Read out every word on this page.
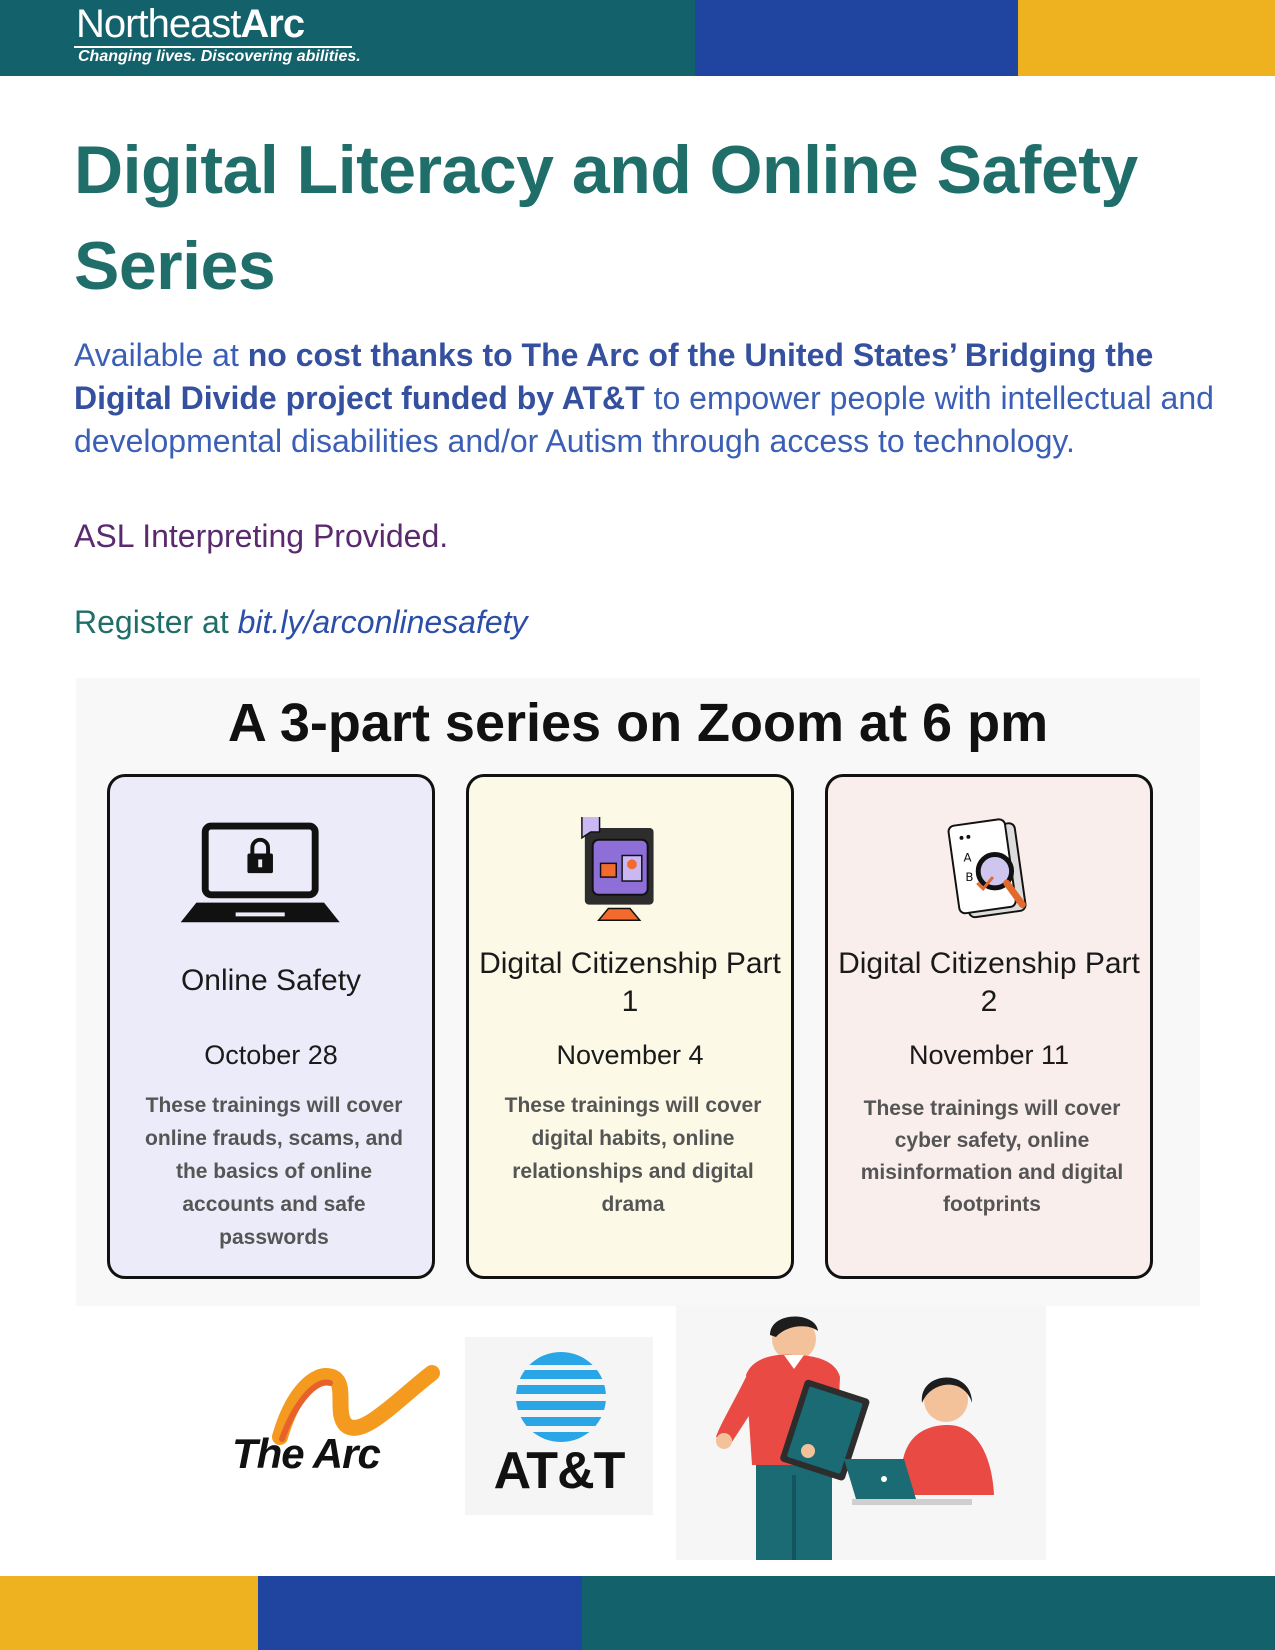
NortheastArc
Changing lives. Discovering abilities.
Digital Literacy and Online Safety Series

Available at no cost thanks to The Arc of the United States’ Bridging the Digital Divide project funded by AT&T to empower people with intellectual and developmental disabilities and/or Autism through access to technology.

ASL Interpreting Provided.

Register at bit.ly/arconlinesafety

A 3-part series on Zoom at 6 pm

Online Safety

October 28

These trainings will cover online frauds, scams, and the basics of online accounts and safe passwords

Digital Citizenship Part 1

November 4

These trainings will cover digital habits, online relationships and digital drama

A
B

Digital Citizenship Part 2

November 11

These trainings will cover cyber safety, online misinformation and digital footprints

The Arc	AT&T
